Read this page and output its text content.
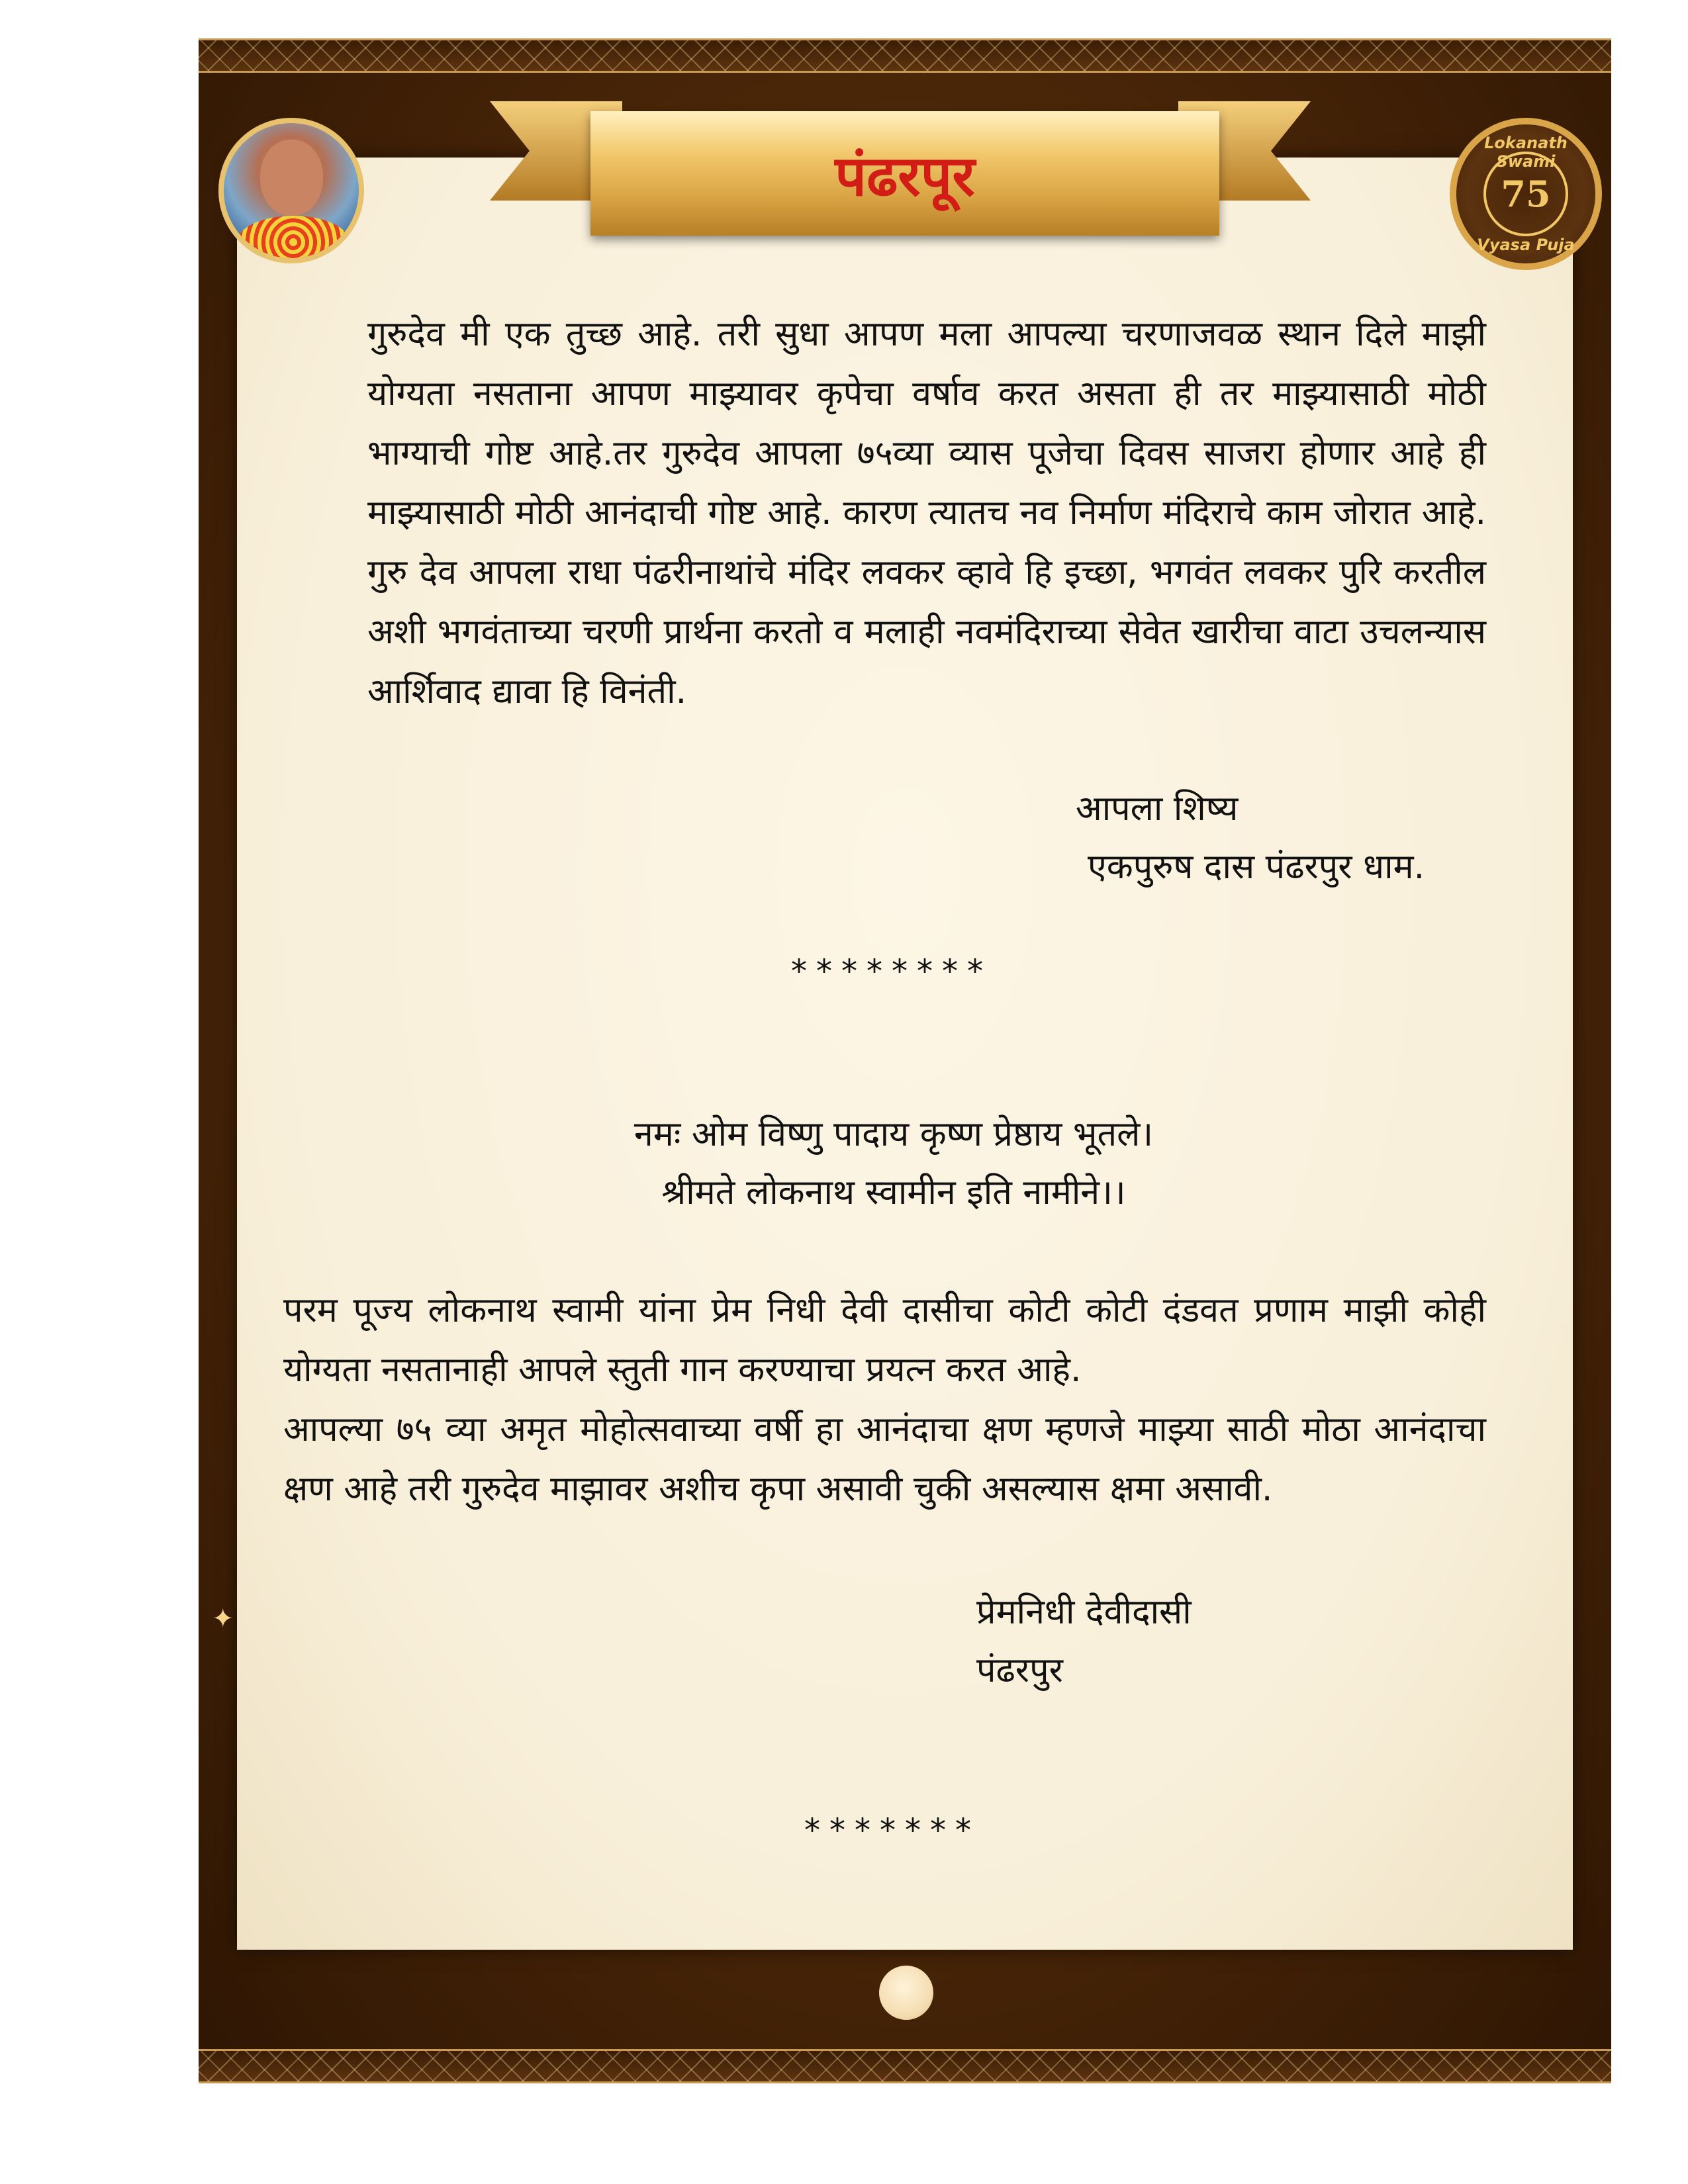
पंढरपूर
Lokanath Swami
75
Vyasa Puja
✦

गुरुदेव मी एक तुच्छ आहे. तरी सुधा आपण मला आपल्या चरणाजवळ स्थान दिले माझी योग्यता नसताना आपण माझ्यावर कृपेचा वर्षाव करत असता ही तर माझ्यासाठी मोठी भाग्याची गोष्ट आहे.तर गुरुदेव आपला ७५व्या व्यास पूजेचा दिवस साजरा होणार आहे ही माझ्यासाठी मोठी आनंदाची गोष्ट आहे. कारण त्यातच नव निर्माण मंदिराचे काम जोरात आहे. गुरु देव आपला राधा पंढरीनाथांचे मंदिर लवकर व्हावे हि इच्छा, भगवंत लवकर पुरि करतील अशी भगवंताच्या चरणी प्रार्थना करतो व मलाही नवमंदिराच्या सेवेत खारीचा वाटा उचलन्यास आर्शिवाद द्यावा हि विनंती.

आपला शिष्य

एकपुरुष दास पंढरपुर धाम.

********

नमः ओम विष्णु पादाय कृष्ण प्रेष्ठाय भूतले।

श्रीमते लोकनाथ स्वामीन इति नामीने।।

परम पूज्य लोकनाथ स्वामी यांना प्रेम निधी देवी दासीचा कोटी कोटी दंडवत प्रणाम माझी कोही योग्यता नसतानाही आपले स्तुती गान करण्याचा प्रयत्न करत आहे.

आपल्या ७५ व्या अमृत मोहोत्सवाच्या वर्षी हा आनंदाचा क्षण म्हणजे माझ्या साठी मोठा आनंदाचा क्षण आहे तरी गुरुदेव माझावर अशीच कृपा असावी चुकी असल्यास क्षमा असावी.

प्रेमनिधी देवीदासी

पंढरपुर

*******
